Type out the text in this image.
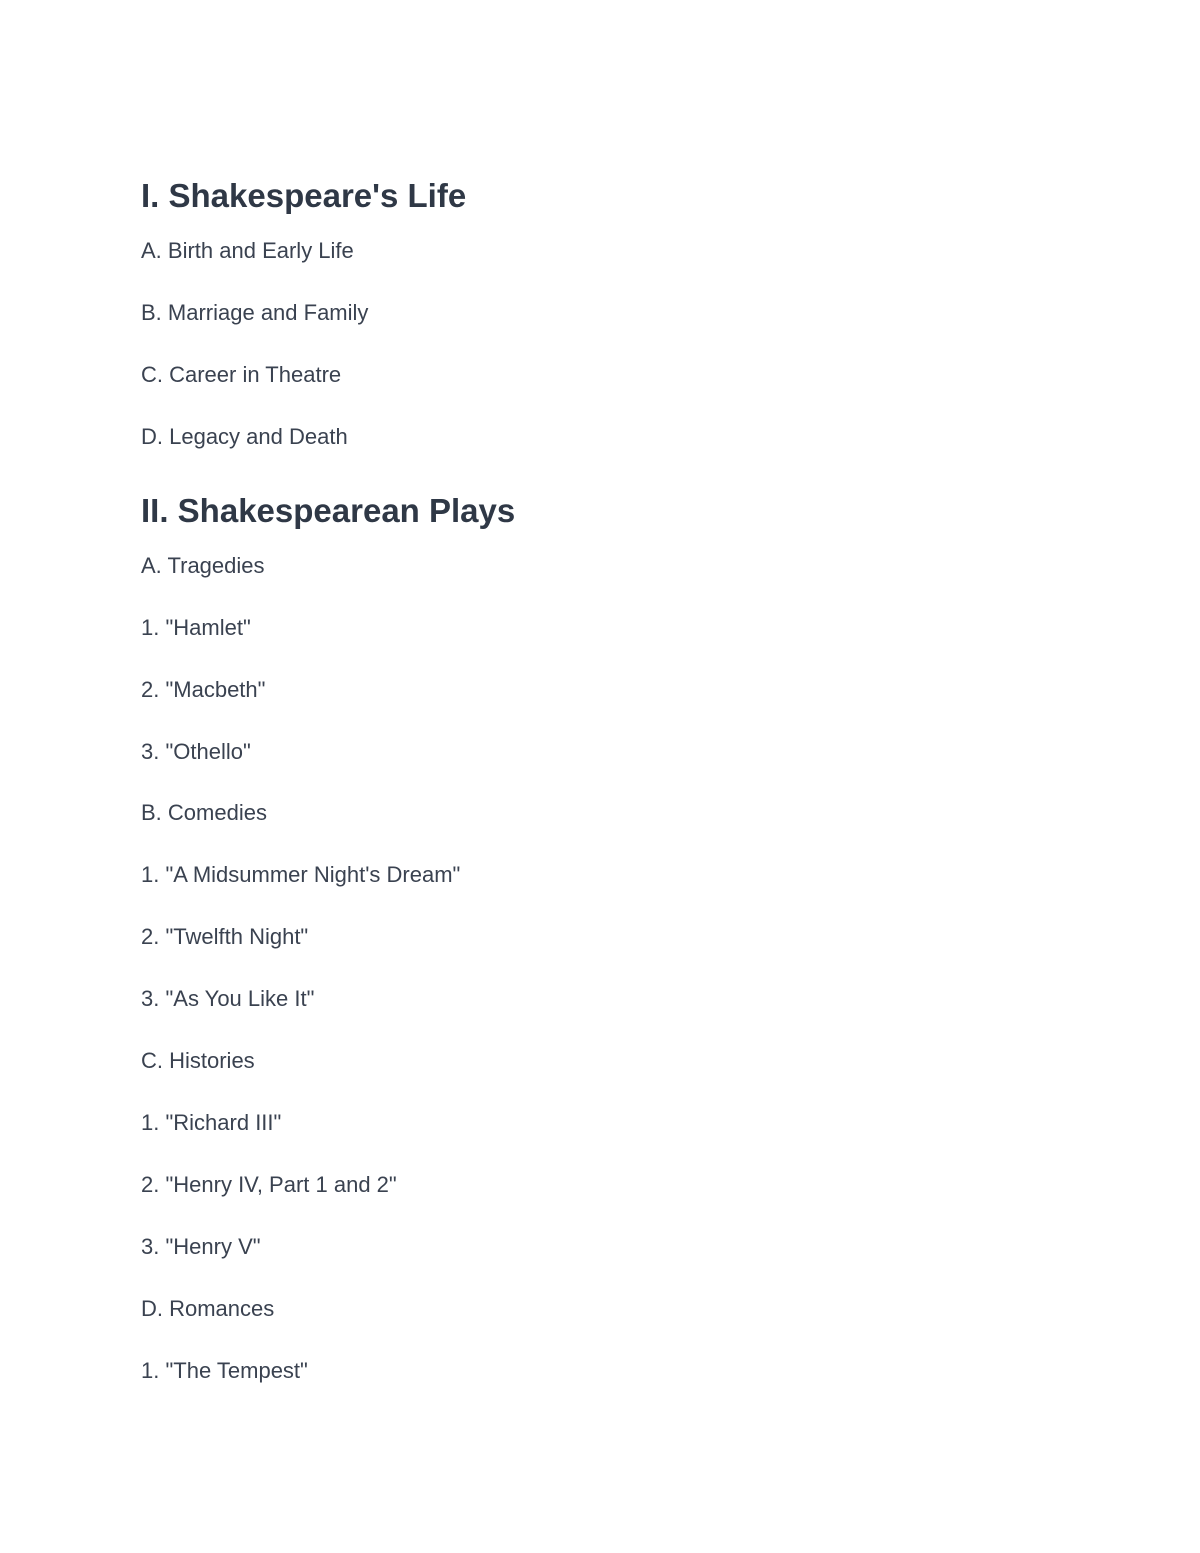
I. Shakespeare's Life
A. Birth and Early Life
B. Marriage and Family
C. Career in Theatre
D. Legacy and Death
II. Shakespearean Plays
A. Tragedies
1. "Hamlet"
2. "Macbeth"
3. "Othello"
B. Comedies
1. "A Midsummer Night's Dream"
2. "Twelfth Night"
3. "As You Like It"
C. Histories
1. "Richard III"
2. "Henry IV, Part 1 and 2"
3. "Henry V"
D. Romances
1. "The Tempest"
